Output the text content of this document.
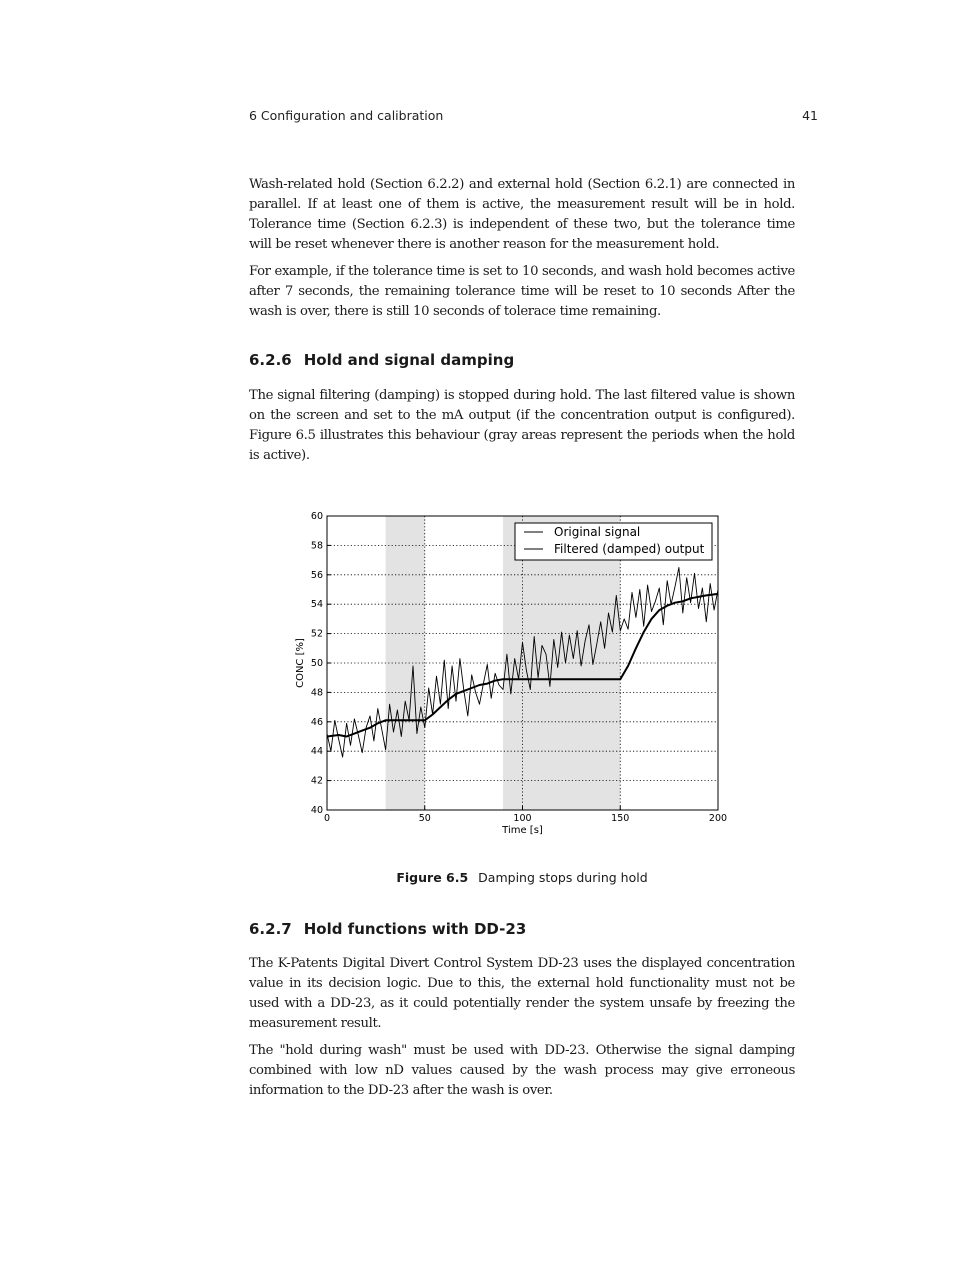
6 Configuration and calibration	41

Wash-related hold (Section 6.2.2) and external hold (Section 6.2.1) are connected in parallel. If at least one of them is active, the measurement result will be in hold. Tolerance time (Section 6.2.3) is independent of these two, but the tolerance time will be reset whenever there is another reason for the measurement hold.

For example, if the tolerance time is set to 10 seconds, and wash hold becomes active after 7 seconds, the remaining tolerance time will be reset to 10 seconds After the wash is over, there is still 10 seconds of tolerace time remaining.

6.2.6 Hold and signal damping

The signal filtering (damping) is stopped during hold. The last filtered value is shown on the screen and set to the mA output (if the concentration output is configured). Figure 6.5 illustrates this behaviour (gray areas represent the periods when the hold is active).

0	50	100	150	200
40
42
44
46
48
50
52
54
56
58
60
Time [s]
CONC [%]
Original signal
Filtered (damped) output
Figure 6.5 Damping stops during hold
6.2.7 Hold functions with DD-23

The K-Patents Digital Divert Control System DD-23 uses the displayed concentration value in its decision logic. Due to this, the external hold functionality must not be used with a DD-23, as it could potentially render the system unsafe by freezing the measurement result.

The "hold during wash" must be used with DD-23. Otherwise the signal damping combined with low nD values caused by the wash process may give erroneous information to the DD-23 after the wash is over.
